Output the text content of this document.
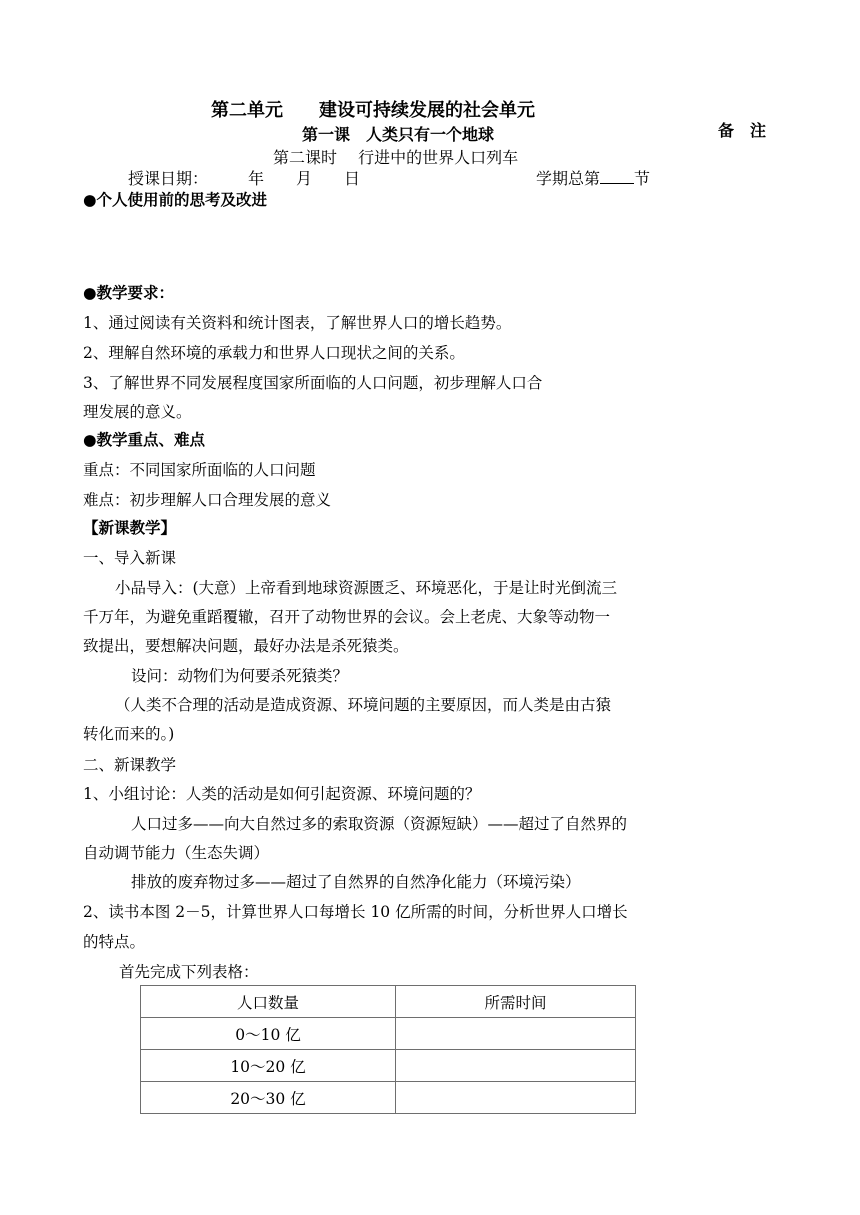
第二单元　　建设可持续发展的社会单元
第一课　人类只有一个地球	备　注
第二课时　 行进中的世界人口列车
授课日期：　　　年　　月　　日	学期总第 节
●个人使用前的思考及改进
●教学要求：
1、通过阅读有关资料和统计图表，了解世界人口的增长趋势。
2、理解自然环境的承载力和世界人口现状之间的关系。
3、了解世界不同发展程度国家所面临的人口问题，初步理解人口合
理发展的意义。
●教学重点、难点
重点：不同国家所面临的人口问题
难点：初步理解人口合理发展的意义
【新课教学】
一、导入新课
小品导入：(大意）上帝看到地球资源匮乏、环境恶化，于是让时光倒流三
千万年，为避免重蹈覆辙，召开了动物世界的会议。会上老虎、大象等动物一
致提出，要想解决问题，最好办法是杀死猿类。
设问：动物们为何要杀死猿类？
（人类不合理的活动是造成资源、环境问题的主要原因，而人类是由古猿
转化而来的。)
二、新课教学
1、小组讨论：人类的活动是如何引起资源、环境问题的？
人口过多——向大自然过多的索取资源（资源短缺）——超过了自然界的
自动调节能力（生态失调）
排放的废弃物过多——超过了自然界的自然净化能力（环境污染）
2、读书本图 2－5，计算世界人口每增长 10 亿所需的时间，分析世界人口增长
的特点。
首先完成下列表格：
人口数量	所需时间
0～10 亿	
10～20 亿	
20～30 亿	
